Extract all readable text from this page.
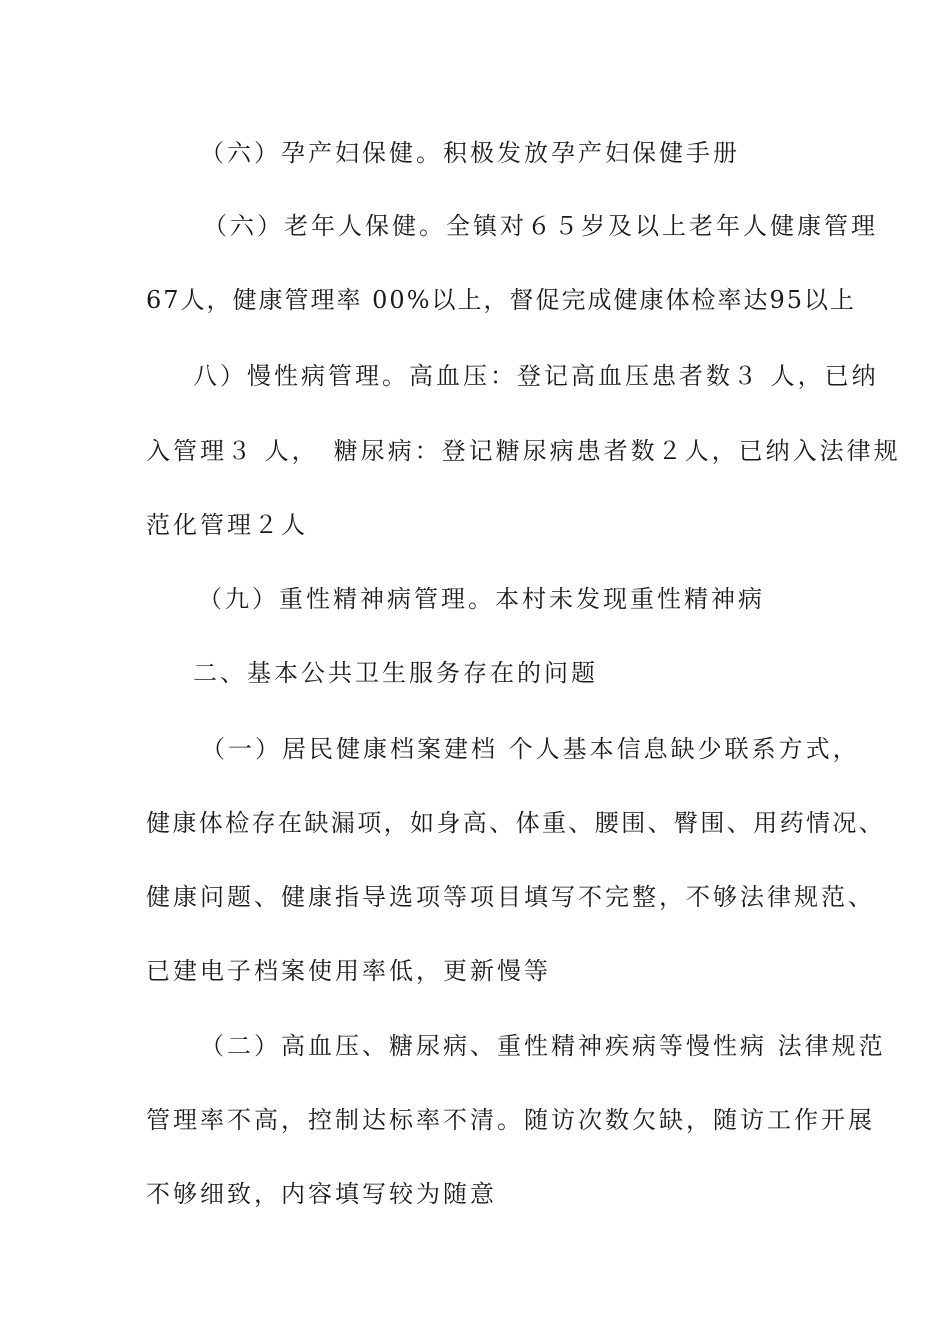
（六）孕产妇保健。积极发放孕产妇保健手册
（六）老年人保健。全镇对６５岁及以上老年人健康管理
67人，健康管理率 00%以上，督促完成健康体检率达95以上
八）慢性病管理。高血压：登记高血压患者数３ 人，已纳
入管理３ 人，　糖尿病：登记糖尿病患者数２人，已纳入法律规
范化管理２人
（九）重性精神病管理。本村未发现重性精神病
二、基本公共卫生服务存在的问题
（一）居民健康档案建档 个人基本信息缺少联系方式，
健康体检存在缺漏项，如身高、体重、腰围、臀围、用药情况、
健康问题、健康指导选项等项目填写不完整，不够法律规范、
已建电子档案使用率低，更新慢等
（二）高血压、糖尿病、重性精神疾病等慢性病 法律规范
管理率不高，控制达标率不清。随访次数欠缺，随访工作开展
不够细致，内容填写较为随意
